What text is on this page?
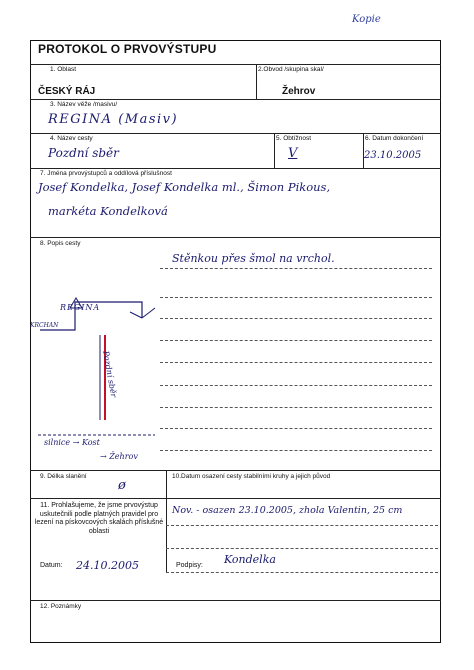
Kopie
PROTOKOL O PRVOVÝSTUPU
1. Oblast
ČESKÝ RÁJ
2.Obvod /skupina skal/
Žehrov
3. Název věže /masivu/
REGINA (Masiv)
4. Název cesty
Pozdní sběr
5. Obtížnost
V
6. Datum dokončení
23.10.2005
7. Jména prvovýstupců a oddílová příslušnost
Josef Kondelka, Josef Kondelka ml., Šimon Pikous,
markéta Kondelková
8. Popis cesty
Stěnkou přes šmol na vrchol.
REGINA
KRCHAN
Pozdní sběr
silnice → Kost
→ Žehrov
9. Délka slanění
ø
10.Datum osazení cesty stabilními kruhy a jejich původ
11. Prohlašujeme, že jsme prvovýstup uskutečnili podle platných pravidel pro lezení na pískovcových skalách příslušné oblasti
Nov. - osazen 23.10.2005, zhola Valentin, 25 cm
Datum: 24.10.2005	Podpisy: Kondelka
12. Poznámky
